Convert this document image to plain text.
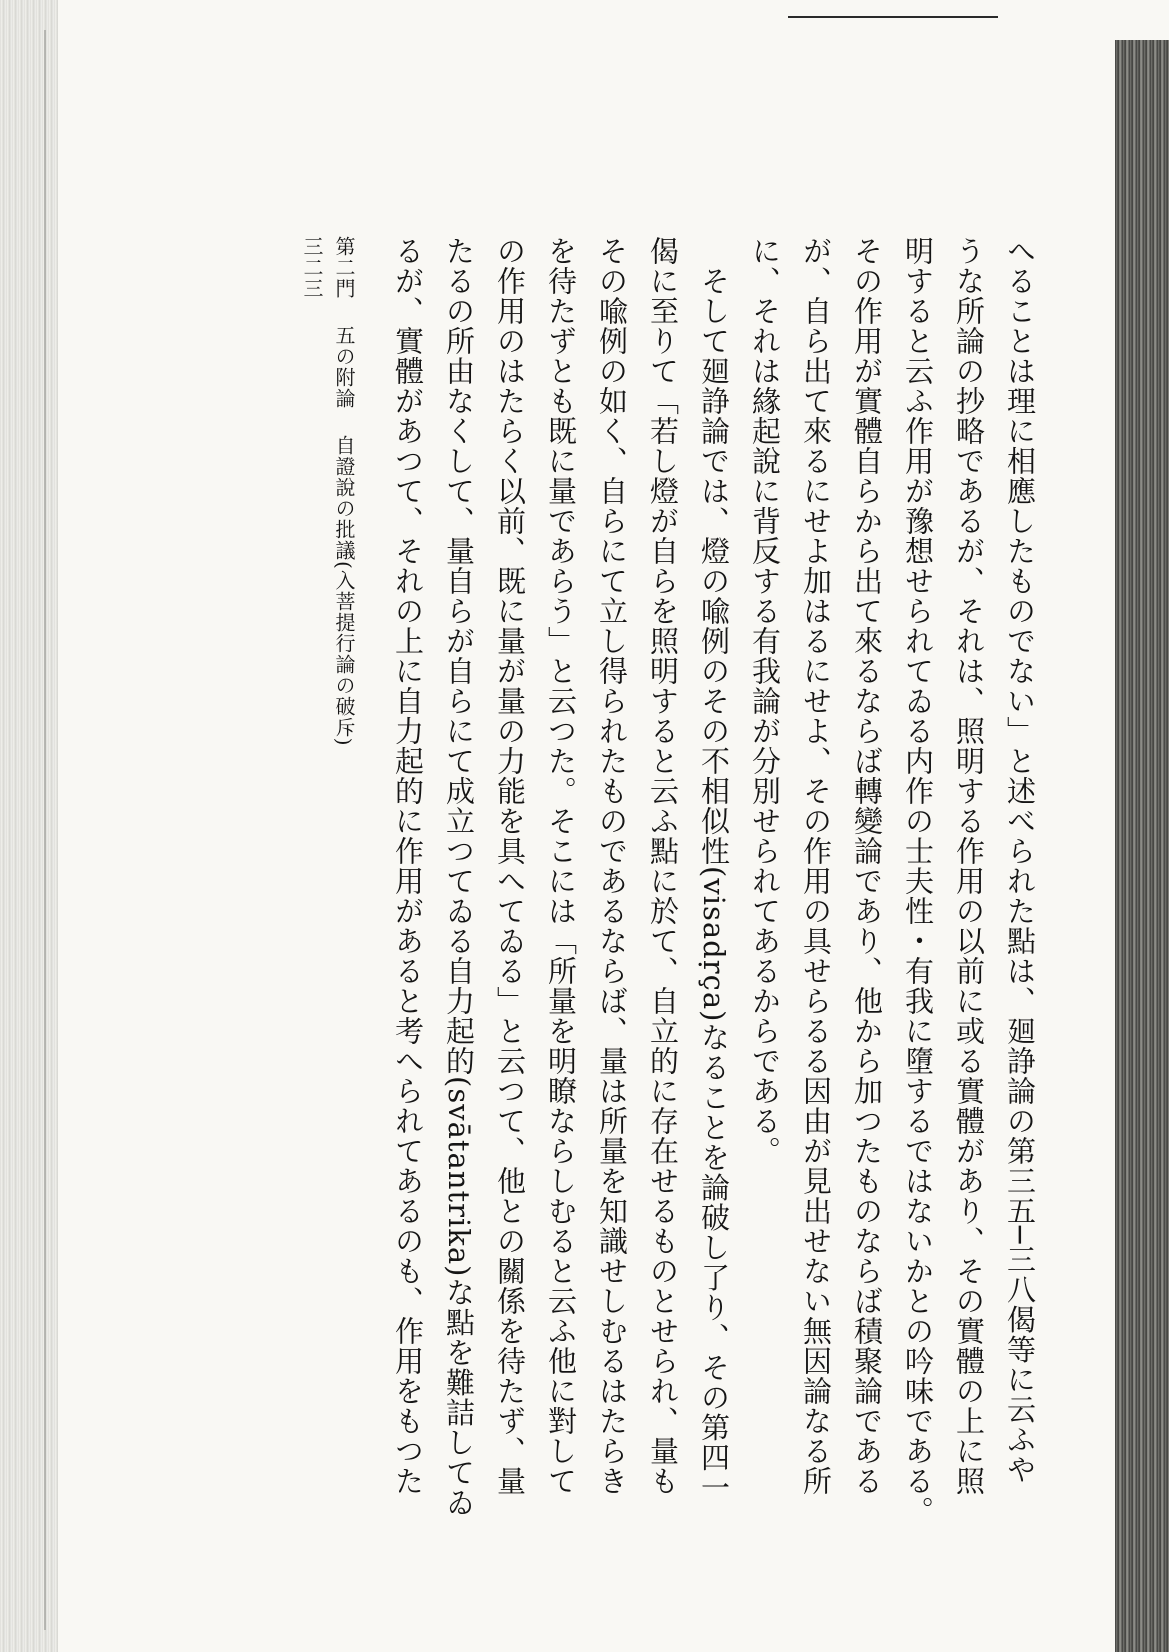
へることは理に相應したものでない」と述べられた點は、廻諍論の第三五─三八偈等に云ふや
うな所論の抄略であるが、それは、照明する作用の以前に或る實體があり、その實體の上に照
明すると云ふ作用が豫想せられてゐる内作の士夫性・有我に墮するではないかとの吟味である。
その作用が實體自らから出て來るならば轉變論であり、他から加つたものならば積聚論である
が、自ら出て來るにせよ加はるにせよ、その作用の具せらるる因由が見出せない無因論なる所
に、それは緣起說に背反する有我論が分別せられてあるからである。
そして廻諍論では、燈の喩例のその不相似性(visadṛça)なることを論破し了り、その第四一
偈に至りて「若し燈が自らを照明すると云ふ點に於て、自立的に存在せるものとせられ、量も
その喩例の如く、自らにて立し得られたものであるならば、量は所量を知識せしむるはたらき
を待たずとも既に量であらう」と云つた。そこには「所量を明瞭ならしむると云ふ他に對して
の作用のはたらく以前、既に量が量の力能を具へてゐる」と云つて、他との關係を待たず、量
たるの所由なくして、量自らが自らにて成立つてゐる自力起的(svātantrika)な點を難詰してゐ
るが、實體があつて、それの上に自力起的に作用があると考へられてあるのも、作用をもつた
第二門五の附論自證說の批議(入菩提行論の破斥)三二三
